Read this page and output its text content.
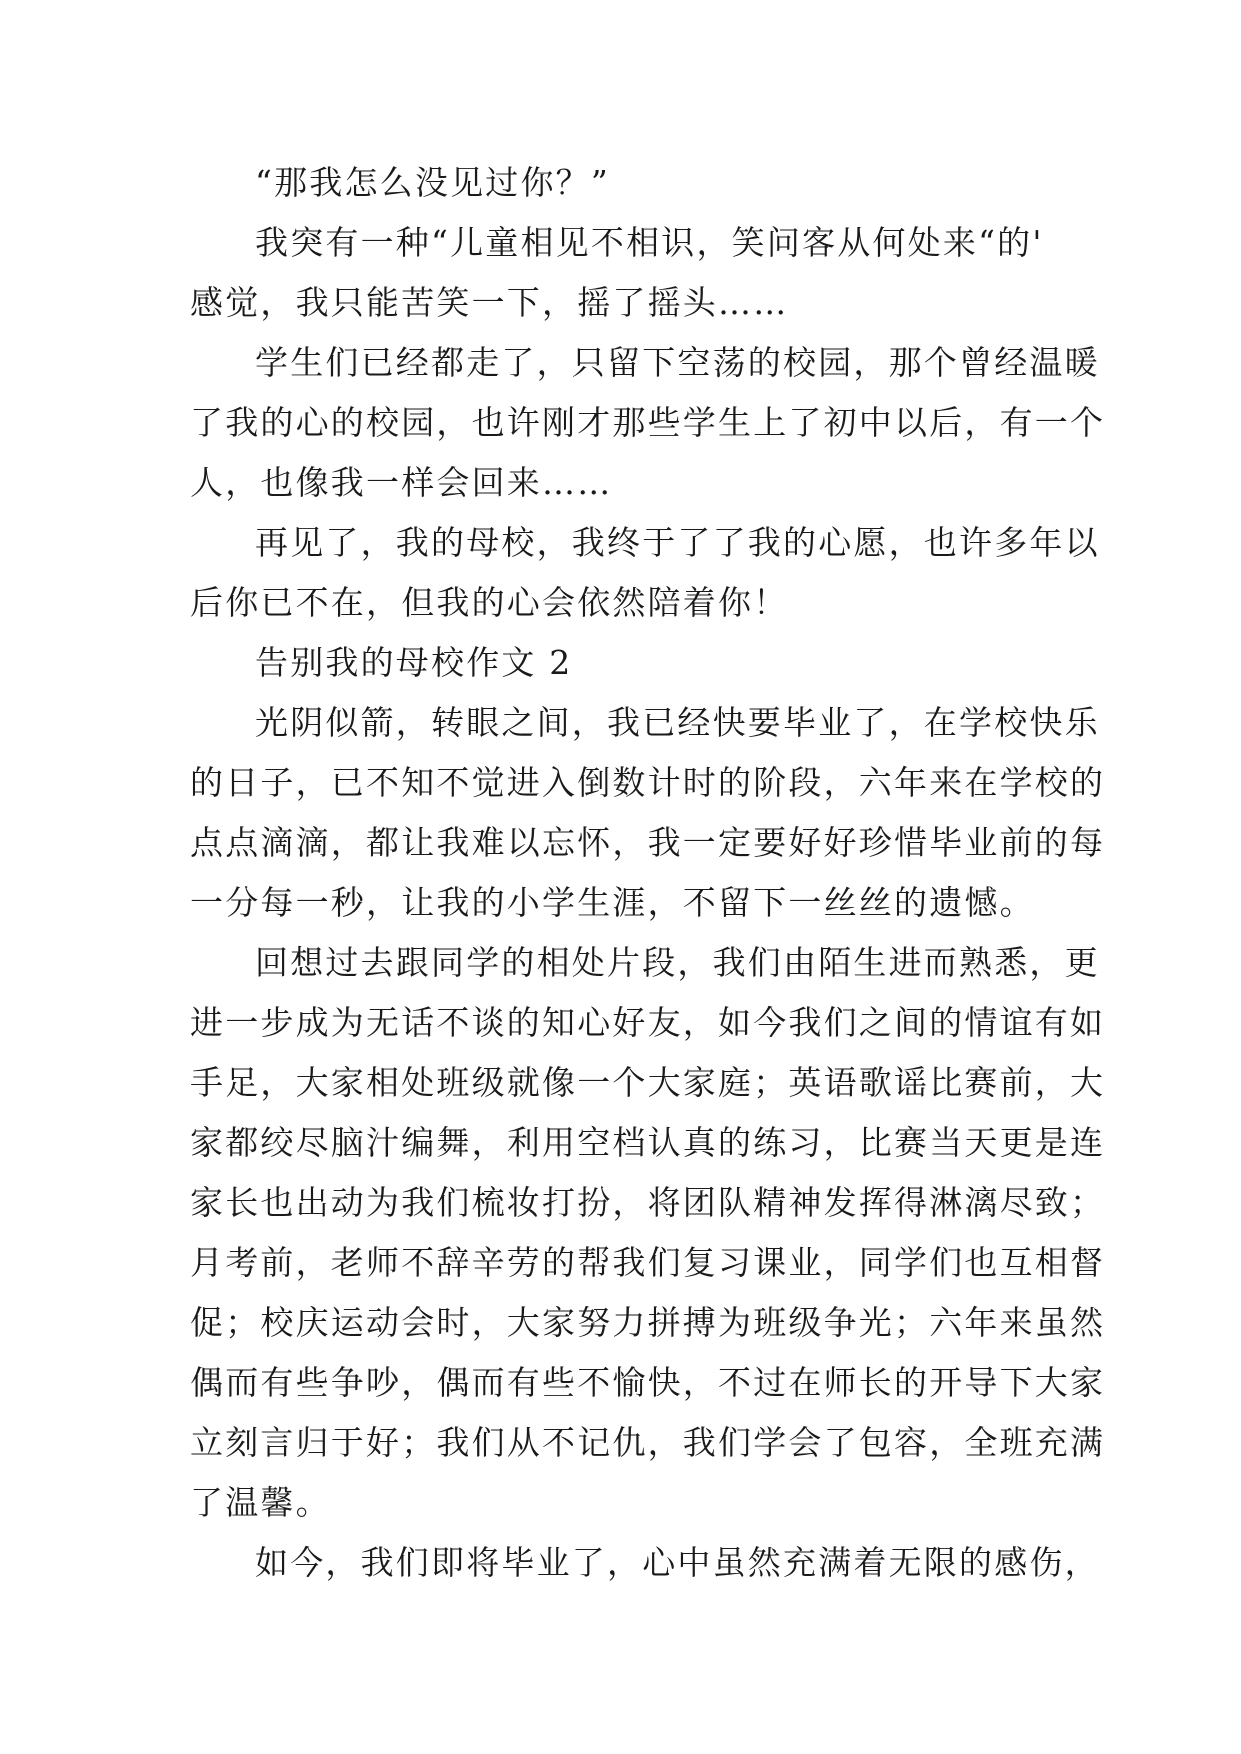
“那我怎么没见过你？”
我突有一种“儿童相见不相识，笑问客从何处来“的'
感觉，我只能苦笑一下，摇了摇头……
学生们已经都走了，只留下空荡的校园，那个曾经温暖
了我的心的校园，也许刚才那些学生上了初中以后，有一个
人，也像我一样会回来……
再见了，我的母校，我终于了了我的心愿，也许多年以
后你已不在，但我的心会依然陪着你！
告别我的母校作文 2
光阴似箭，转眼之间，我已经快要毕业了，在学校快乐
的日子，已不知不觉进入倒数计时的阶段，六年来在学校的
点点滴滴，都让我难以忘怀，我一定要好好珍惜毕业前的每
一分每一秒，让我的小学生涯，不留下一丝丝的遗憾。
回想过去跟同学的相处片段，我们由陌生进而熟悉，更
进一步成为无话不谈的知心好友，如今我们之间的情谊有如
手足，大家相处班级就像一个大家庭；英语歌谣比赛前，大
家都绞尽脑汁编舞，利用空档认真的练习，比赛当天更是连
家长也出动为我们梳妆打扮，将团队精神发挥得淋漓尽致；
月考前，老师不辞辛劳的帮我们复习课业，同学们也互相督
促；校庆运动会时，大家努力拼搏为班级争光；六年来虽然
偶而有些争吵，偶而有些不愉快，不过在师长的开导下大家
立刻言归于好；我们从不记仇，我们学会了包容，全班充满
了温馨。
如今，我们即将毕业了，心中虽然充满着无限的感伤，
